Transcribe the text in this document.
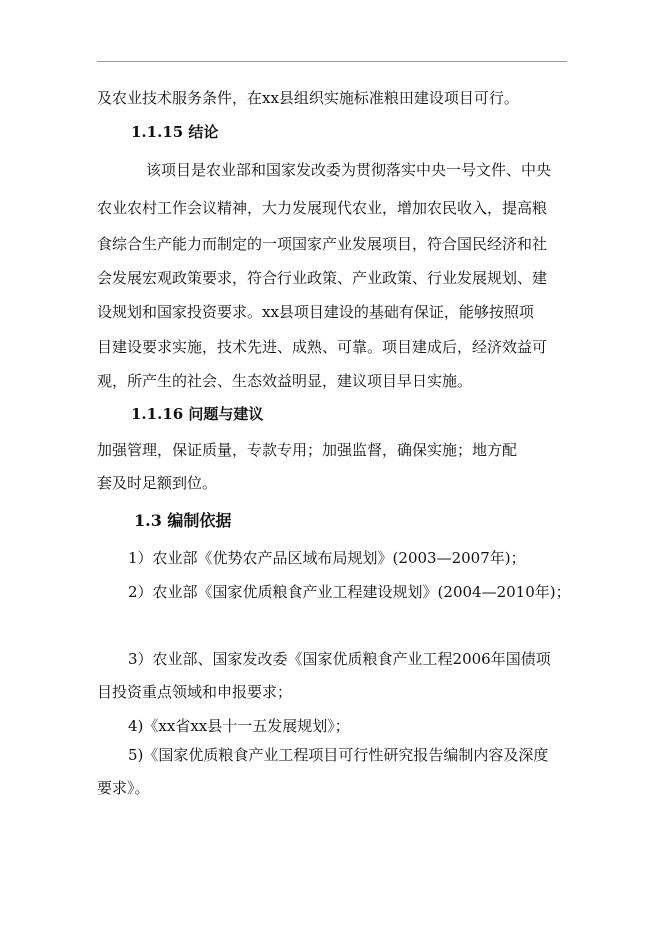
及农业技术服务条件，在xx县组织实施标准粮田建设项目可行。
1.1.15 结论
该项目是农业部和国家发改委为贯彻落实中央一号文件、中央
农业农村工作会议精神，大力发展现代农业，增加农民收入，提高粮
食综合生产能力而制定的一项国家产业发展项目，符合国民经济和社
会发展宏观政策要求，符合行业政策、产业政策、行业发展规划、建
设规划和国家投资要求。xx县项目建设的基础有保证，能够按照项
目建设要求实施，技术先进、成熟、可靠。项目建成后，经济效益可
观，所产生的社会、生态效益明显，建议项目早日实施。
1.1.16 问题与建议
加强管理，保证质量，专款专用；加强监督，确保实施；地方配
套及时足额到位。
1.3 编制依据
1）农业部《优势农产品区域布局规划》(2003—2007年)；
2）农业部《国家优质粮食产业工程建设规划》(2004—2010年)；
3）农业部、国家发改委《国家优质粮食产业工程2006年国债项
目投资重点领域和申报要求；
4)《xx省xx县十一五发展规划》；
5)《国家优质粮食产业工程项目可行性研究报告编制内容及深度
要求》。
